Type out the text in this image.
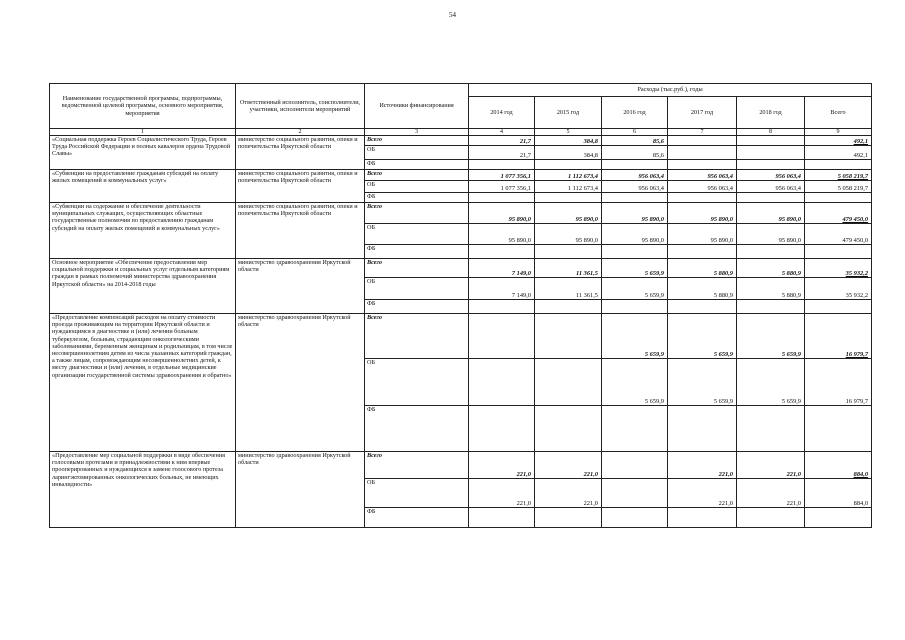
54
Наименование государственной программы, подпрограммы, ведомственной целевой программы, основного мероприятия, мероприятия	Ответственный исполнитель, соисполнители, участники, исполнители мероприятий	Источники финансирования	Расходы (тыс.руб.), годы					
			2014 год	2015 год	2016 год	2017 год	2018 год	Всего
1	2	3	4	5	6	7	8	9
«Социальная поддержка Героев Социалистического Труда, Героев Труда Российской Федерации и полных кавалеров ордена Трудовой Славы»	министерство социального развития, опеки и попечительства Иркутской области	Всего	21,7	384,8	85,6			492,1
		ОБ	21,7	384,8	85,6			492,1
		ФБ						
«Субвенции на предоставление гражданам субсидий на оплату жилых помещений и коммунальных услуг»	министерство социального развития, опеки и попечительства Иркутской области	Всего	1 077 356,1	1 112 673,4	956 063,4	956 063,4	956 063,4	5 058 219,7
		ОБ	1 077 356,1	1 112 673,4	956 063,4	956 063,4	956 063,4	5 058 219,7
		ФБ						
«Субвенции на содержание и обеспечение деятельности муниципальных служащих, осуществляющих областные государственные полномочия по предоставлению гражданам субсидий на оплату жилых помещений и коммунальных услуг»	министерство социального развития, опеки и попечительства Иркутской области	Всего	95 890,0	95 890,0	95 890,0	95 890,0	95 890,0	479 450,0
		ОБ	95 890,0	95 890,0	95 890,0	95 890,0	95 890,0	479 450,0
		ФБ						
Основное мероприятие «Обеспечение предоставления мер социальной поддержки и социальных услуг отдельным категориям граждан в рамках полномочий министерства здравоохранения Иркутской области» на 2014-2018 годы	министерство здравоохранения Иркутской области	Всего	7 149,0	11 361,5	5 659,9	5 880,9	5 880,9	35 932,2
		ОБ	7 149,0	11 361,5	5 659,9	5 880,9	5 880,9	35 932,2
		ФБ						
«Предоставление компенсаций расходов на оплату стоимости проезда проживающим на территории Иркутской области и нуждающимся в диагностике и (или) лечении больным туберкулезом, больным, страдающим онкологическими заболеваниями, беременным женщинам и родильницам, в том числе несовершеннолетним детям из числа указанных категорий граждан, а также лицам, сопровождающим несовершеннолетних детей, к месту диагностики и (или) лечения, в отдельные медицинские организации государственной системы здравоохранения и обратно»	министерство здравоохранения Иркутской области	Всего			5 659,9	5 659,9	5 659,9	16 979,7
		ОБ			5 659,9	5 659,9	5 659,9	16 979,7
		ФБ						
«Предоставление мер социальной поддержки в виде обеспечения голосовыми протезами и принадлежностями к ним впервые прооперированных и нуждающихся в замене голосового протеза ларингэктомированных онкологических больных, не имеющих инвалидности»	министерство здравоохранения Иркутской области	Всего	221,0	221,0		221,0	221,0	884,0
		ОБ	221,0	221,0		221,0	221,0	884,0
		ФБ						
